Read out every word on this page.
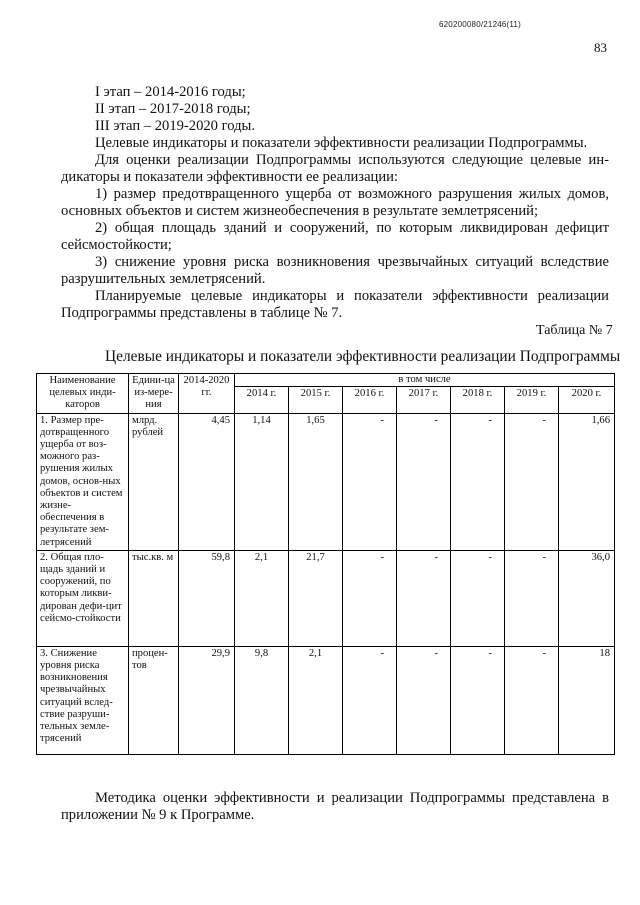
620200080/21246(11)
83
I этап – 2014-2016 годы;
II этап – 2017-2018 годы;
III этап – 2019-2020 годы.
Целевые индикаторы и показатели эффективности реализации Подпрограммы.
Для оценки реализации Подпрограммы используются следующие целевые ин-
дикаторы и показатели эффективности ее реализации:
1) размер предотвращенного ущерба от возможного разрушения жилых домов,
основных объектов и систем жизнеобеспечения в результате землетрясений;
2) общая площадь зданий и сооружений, по которым ликвидирован дефицит
сейсмостойкости;
3) снижение уровня риска возникновения чрезвычайных ситуаций вследствие
разрушительных землетрясений.
Планируемые целевые индикаторы и показатели эффективности реализации
Подпрограммы представлены в таблице № 7.
Таблица № 7
Целевые индикаторы и показатели эффективности реализации Подпрограммы
Наименование целевых инди-каторов	Едини-ца из-мере-ния	2014-2020 гг.	в том числе						
			2014 г.	2015 г.	2016 г.	2017 г.	2018 г.	2019 г.	2020 г.
1. Размер пре-дотвращенного ущерба от воз-можного раз-рушения жилых домов, основ-ных объектов и систем жизне-обеспечения в результате зем-летрясений	млрд. рублей	4,45	1,14	1,65	-	-	-	-	1,66
2. Общая пло-щадь зданий и сооружений, по которым ликви-дирован дефи-цит сейсмо-стойкости	тыс.кв. м	59,8	2,1	21,7	-	-	-	-	36,0
3. Снижение уровня риска возникновения чрезвычайных ситуаций вслед-ствие разруши-тельных земле-трясений	процен-тов	29,9	9,8	2,1	-	-	-	-	18
Методика оценки эффективности и реализации Подпрограммы представлена в
приложении № 9 к Программе.
